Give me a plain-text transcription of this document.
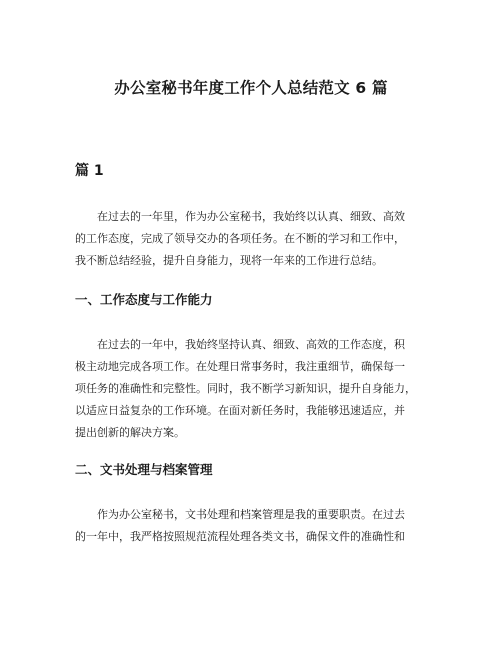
办公室秘书年度工作个人总结范文 6 篇
篇 1
在过去的一年里，作为办公室秘书，我始终以认真、细致、高效
的工作态度，完成了领导交办的各项任务。在不断的学习和工作中，
我不断总结经验，提升自身能力，现将一年来的工作进行总结。
一、工作态度与工作能力
在过去的一年中，我始终坚持认真、细致、高效的工作态度，积
极主动地完成各项工作。在处理日常事务时，我注重细节，确保每一
项任务的准确性和完整性。同时，我不断学习新知识，提升自身能力，
以适应日益复杂的工作环境。在面对新任务时，我能够迅速适应，并
提出创新的解决方案。
二、文书处理与档案管理
作为办公室秘书，文书处理和档案管理是我的重要职责。在过去
的一年中，我严格按照规范流程处理各类文书，确保文件的准确性和
